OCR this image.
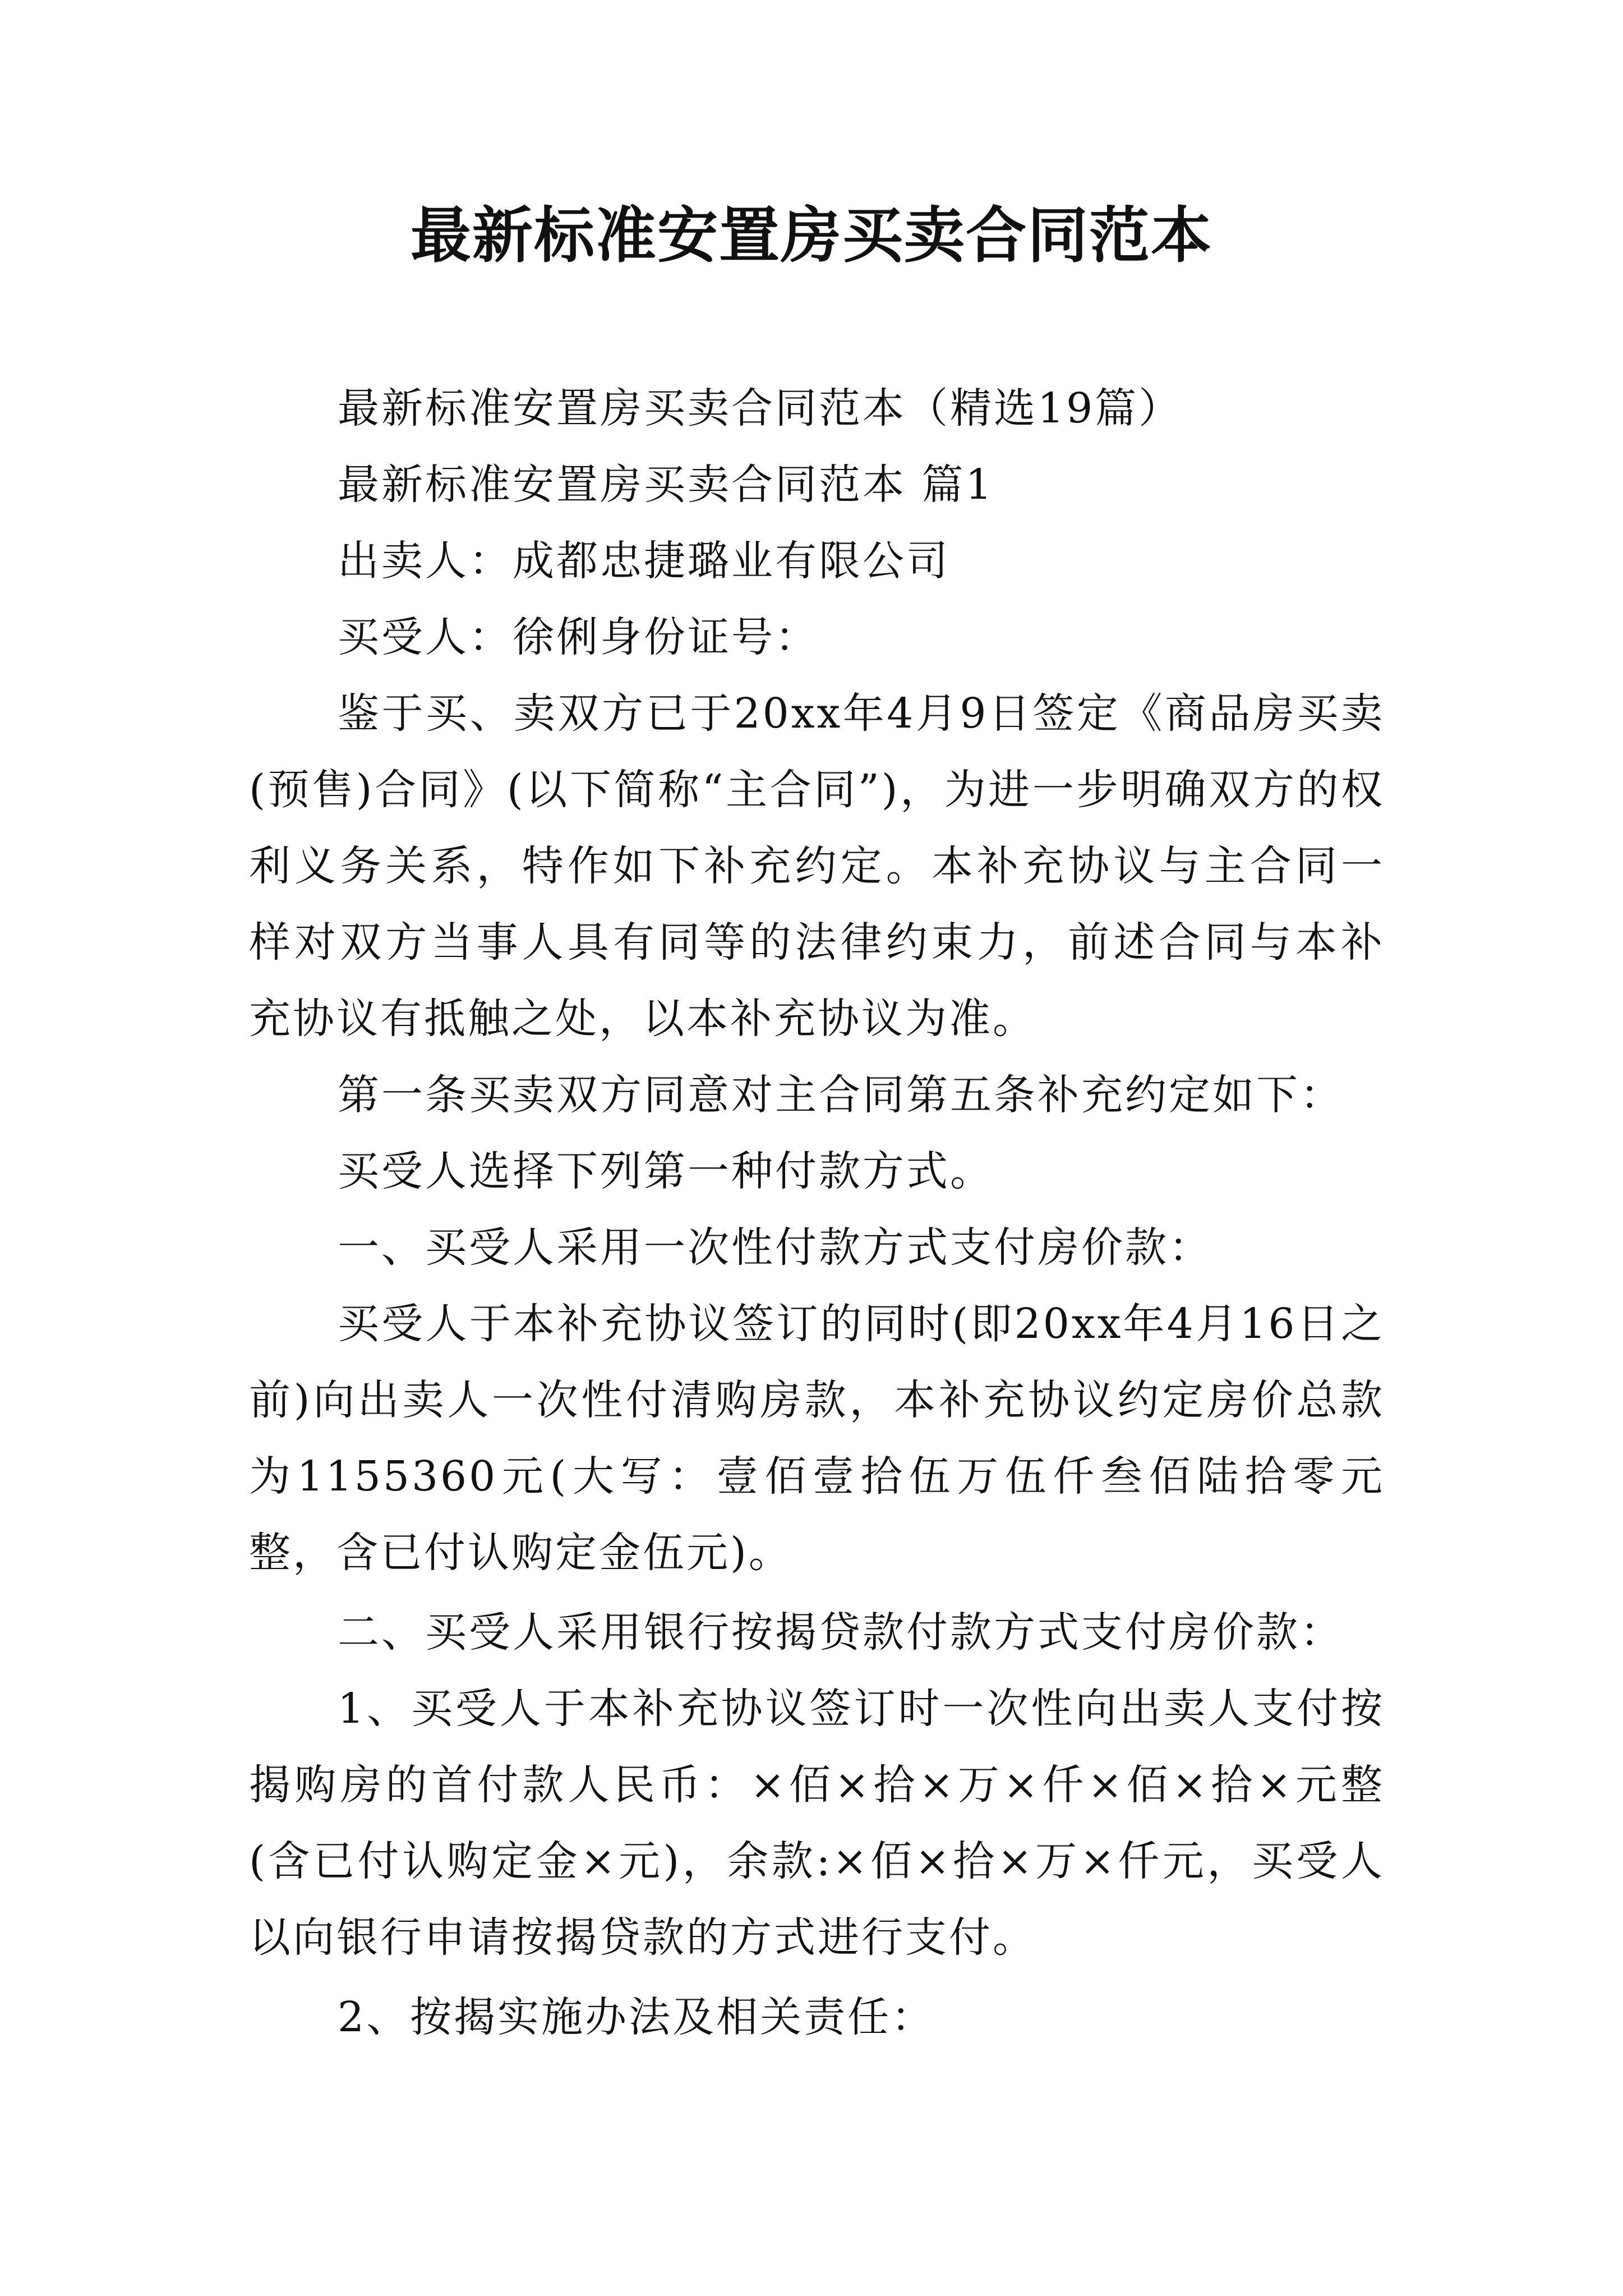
最新标准安置房买卖合同范本

最新标准安置房买卖合同范本（精选19篇）

最新标准安置房买卖合同范本 篇1

出卖人：成都忠捷璐业有限公司

买受人：徐俐身份证号：

鉴于买、卖双方已于20xx年4月9日签定《商品房买卖(预售)合同》(以下简称“主合同”)，为进一步明确双方的权利义务关系，特作如下补充约定。本补充协议与主合同一样对双方当事人具有同等的法律约束力，前述合同与本补充协议有抵触之处，以本补充协议为准。

第一条买卖双方同意对主合同第五条补充约定如下：

买受人选择下列第一种付款方式。

一、买受人采用一次性付款方式支付房价款：

买受人于本补充协议签订的同时(即20xx年4月16日之前)向出卖人一次性付清购房款，本补充协议约定房价总款为1155360元(大写：壹佰壹拾伍万伍仟叁佰陆拾零元整，含已付认购定金伍元)。

二、买受人采用银行按揭贷款付款方式支付房价款：

1、买受人于本补充协议签订时一次性向出卖人支付按揭购房的首付款人民币：×佰×拾×万×仟×佰×拾×元整(含已付认购定金×元)，余款:×佰×拾×万×仟元，买受人以向银行申请按揭贷款的方式进行支付。

2、按揭实施办法及相关责任：
